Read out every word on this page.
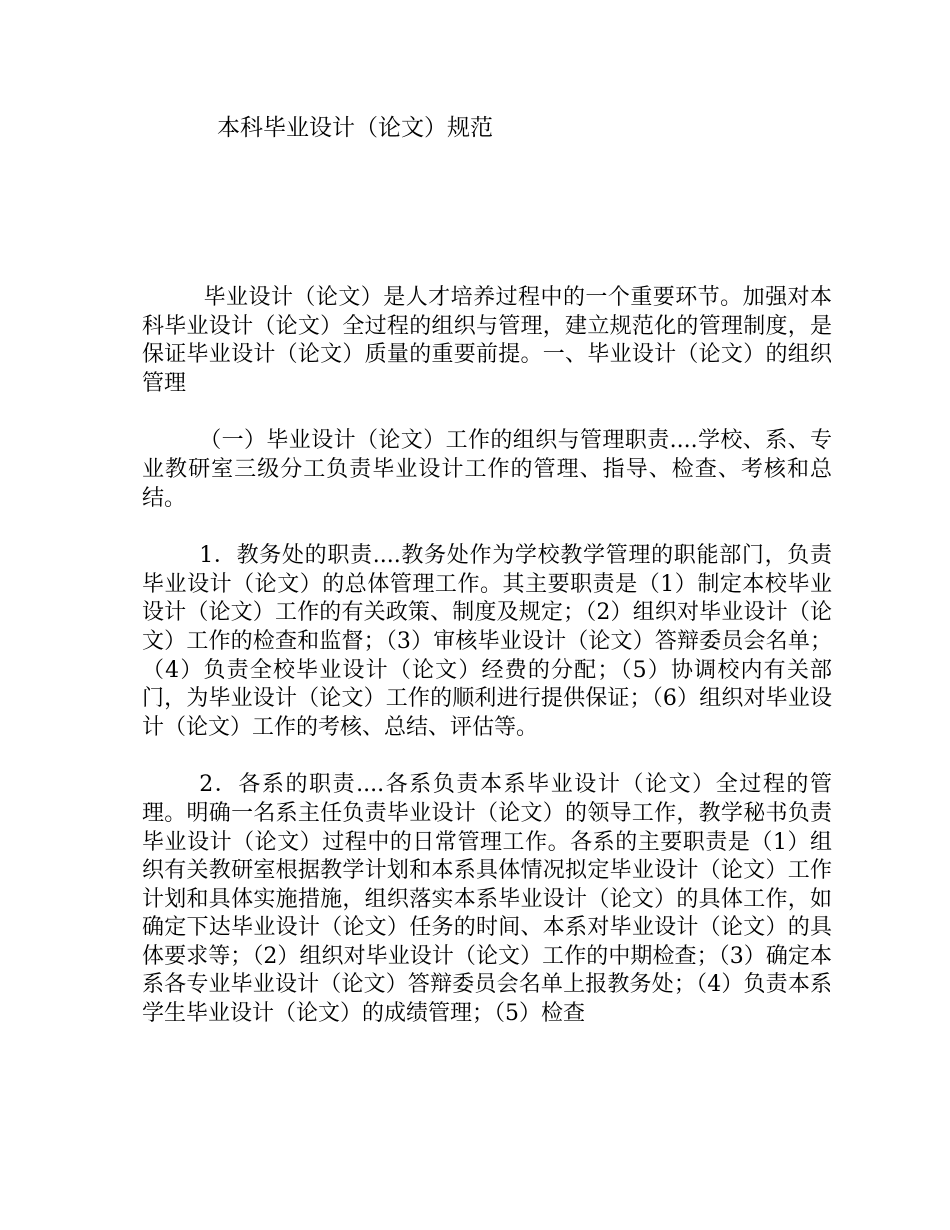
本科毕业设计（论文）规范

毕业设计（论文）是人才培养过程中的一个重要环节。加强对本科毕业设计（论文）全过程的组织与管理，建立规范化的管理制度，是保证毕业设计（论文）质量的重要前提。一、毕业设计（论文）的组织管理

（一）毕业设计（论文）工作的组织与管理职责....学校、系、专业教研室三级分工负责毕业设计工作的管理、指导、检查、考核和总结。

1．教务处的职责....教务处作为学校教学管理的职能部门，负责毕业设计（论文）的总体管理工作。其主要职责是（1）制定本校毕业设计（论文）工作的有关政策、制度及规定；（2）组织对毕业设计（论文）工作的检查和监督；（3）审核毕业设计（论文）答辩委员会名单；（4）负责全校毕业设计（论文）经费的分配；（5）协调校内有关部门，为毕业设计（论文）工作的顺利进行提供保证；（6）组织对毕业设计（论文）工作的考核、总结、评估等。

2．各系的职责....各系负责本系毕业设计（论文）全过程的管理。明确一名系主任负责毕业设计（论文）的领导工作，教学秘书负责毕业设计（论文）过程中的日常管理工作。各系的主要职责是（1）组织有关教研室根据教学计划和本系具体情况拟定毕业设计（论文）工作计划和具体实施措施，组织落实本系毕业设计（论文）的具体工作，如确定下达毕业设计（论文）任务的时间、本系对毕业设计（论文）的具体要求等；（2）组织对毕业设计（论文）工作的中期检查；（3）确定本系各专业毕业设计（论文）答辩委员会名单上报教务处；（4）负责本系学生毕业设计（论文）的成绩管理；（5）检查
